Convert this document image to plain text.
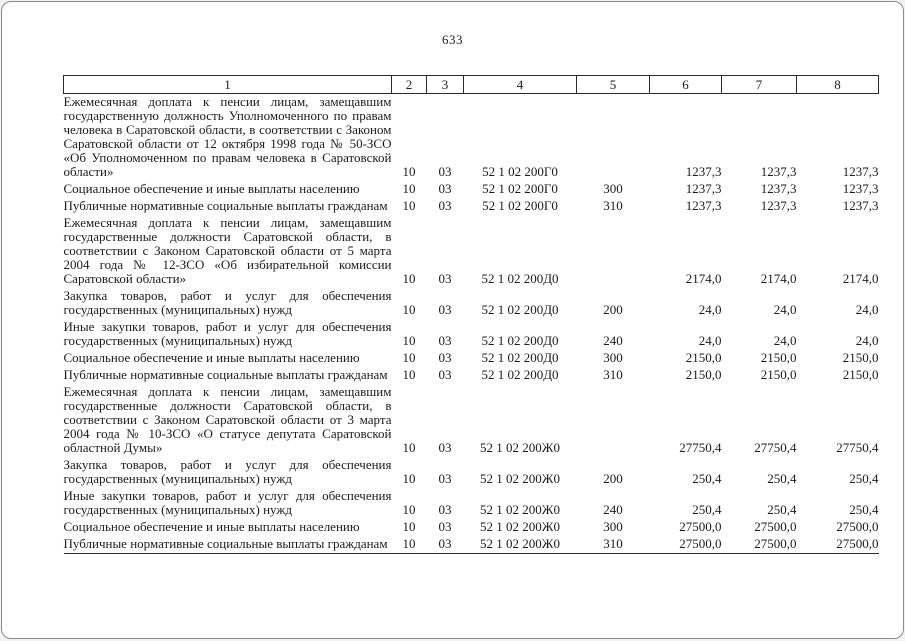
633
1	2	3	4	5	6	7	8
Ежемесячная доплата к пенсии лицам, замещавшим государственную должность Уполномоченного по правам человека в Саратовской области, в соответствии с Законом Саратовской области от 12 октября 1998 года № 50-ЗСО «Об Уполномоченном по правам человека в Саратовской области»	10	03	52 1 02 200Г0		1237,3	1237,3	1237,3
Социальное обеспечение и иные выплаты населению	10	03	52 1 02 200Г0	300	1237,3	1237,3	1237,3
Публичные нормативные социальные выплаты гражданам	10	03	52 1 02 200Г0	310	1237,3	1237,3	1237,3
Ежемесячная доплата к пенсии лицам, замещавшим государственные должности Саратовской области, в соответствии с Законом Саратовской области от 5 марта 2004 года № 12-ЗСО «Об избирательной комиссии Саратовской области»	10	03	52 1 02 200Д0		2174,0	2174,0	2174,0
Закупка товаров, работ и услуг для обеспечения государственных (муниципальных) нужд	10	03	52 1 02 200Д0	200	24,0	24,0	24,0
Иные закупки товаров, работ и услуг для обеспечения государственных (муниципальных) нужд	10	03	52 1 02 200Д0	240	24,0	24,0	24,0
Социальное обеспечение и иные выплаты населению	10	03	52 1 02 200Д0	300	2150,0	2150,0	2150,0
Публичные нормативные социальные выплаты гражданам	10	03	52 1 02 200Д0	310	2150,0	2150,0	2150,0
Ежемесячная доплата к пенсии лицам, замещавшим государственные должности Саратовской области, в соответствии с Законом Саратовской области от 3 марта 2004 года № 10-ЗСО «О статусе депутата Саратовской областной Думы»	10	03	52 1 02 200Ж0		27750,4	27750,4	27750,4
Закупка товаров, работ и услуг для обеспечения государственных (муниципальных) нужд	10	03	52 1 02 200Ж0	200	250,4	250,4	250,4
Иные закупки товаров, работ и услуг для обеспечения государственных (муниципальных) нужд	10	03	52 1 02 200Ж0	240	250,4	250,4	250,4
Социальное обеспечение и иные выплаты населению	10	03	52 1 02 200Ж0	300	27500,0	27500,0	27500,0
Публичные нормативные социальные выплаты гражданам	10	03	52 1 02 200Ж0	310	27500,0	27500,0	27500,0
